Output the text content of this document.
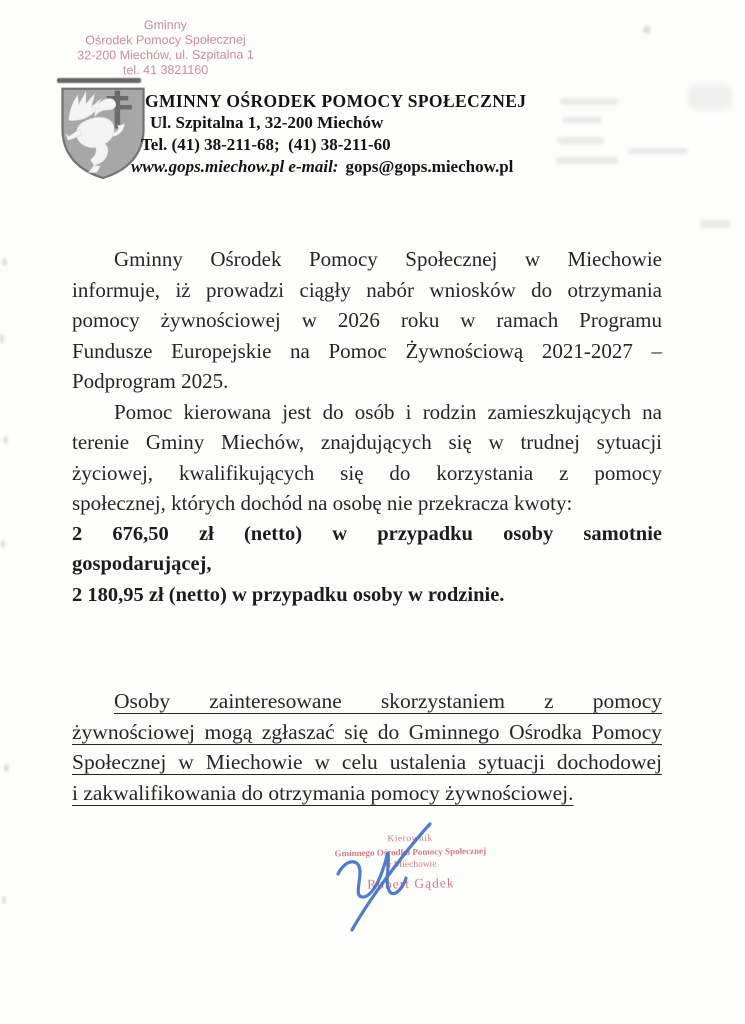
Gminny
Ośrodek Pomocy Społecznej
32-200 Miechów, ul. Szpitalna 1
tel. 41 3821160
GMINNY OŚRODEK POMOCY SPOŁECZNEJ
Ul. Szpitalna 1, 32-200 Miechów
Tel. (41) 38-211-68;  (41) 38-211-60
www.gops.miechow.pl e-mail: gops@gops.miechow.pl
Gminny Ośrodek Pomocy Społecznej w Miechowie
informuje, iż prowadzi ciągły nabór wniosków do otrzymania
pomocy żywnościowej w 2026 roku w ramach Programu
Fundusze Europejskie na Pomoc Żywnościową 2021-2027 –
Podprogram 2025.
Pomoc kierowana jest do osób i rodzin zamieszkujących na
terenie Gminy Miechów, znajdujących się w trudnej sytuacji
życiowej, kwalifikujących się do korzystania z pomocy
społecznej, których dochód na osobę nie przekracza kwoty:
2 676,50 zł (netto) w przypadku osoby samotnie
gospodarującej,
2 180,95 zł (netto) w przypadku osoby w rodzinie.
Osoby zainteresowane skorzystaniem z pomocy
żywnościowej mogą zgłaszać się do Gminnego Ośrodka Pomocy
Społecznej w Miechowie w celu ustalenia sytuacji dochodowej
i zakwalifikowania do otrzymania pomocy żywnościowej.
Kierownik
Gminnego Ośrodka Pomocy Społecznej
w Miechowie
Robert Gądek
